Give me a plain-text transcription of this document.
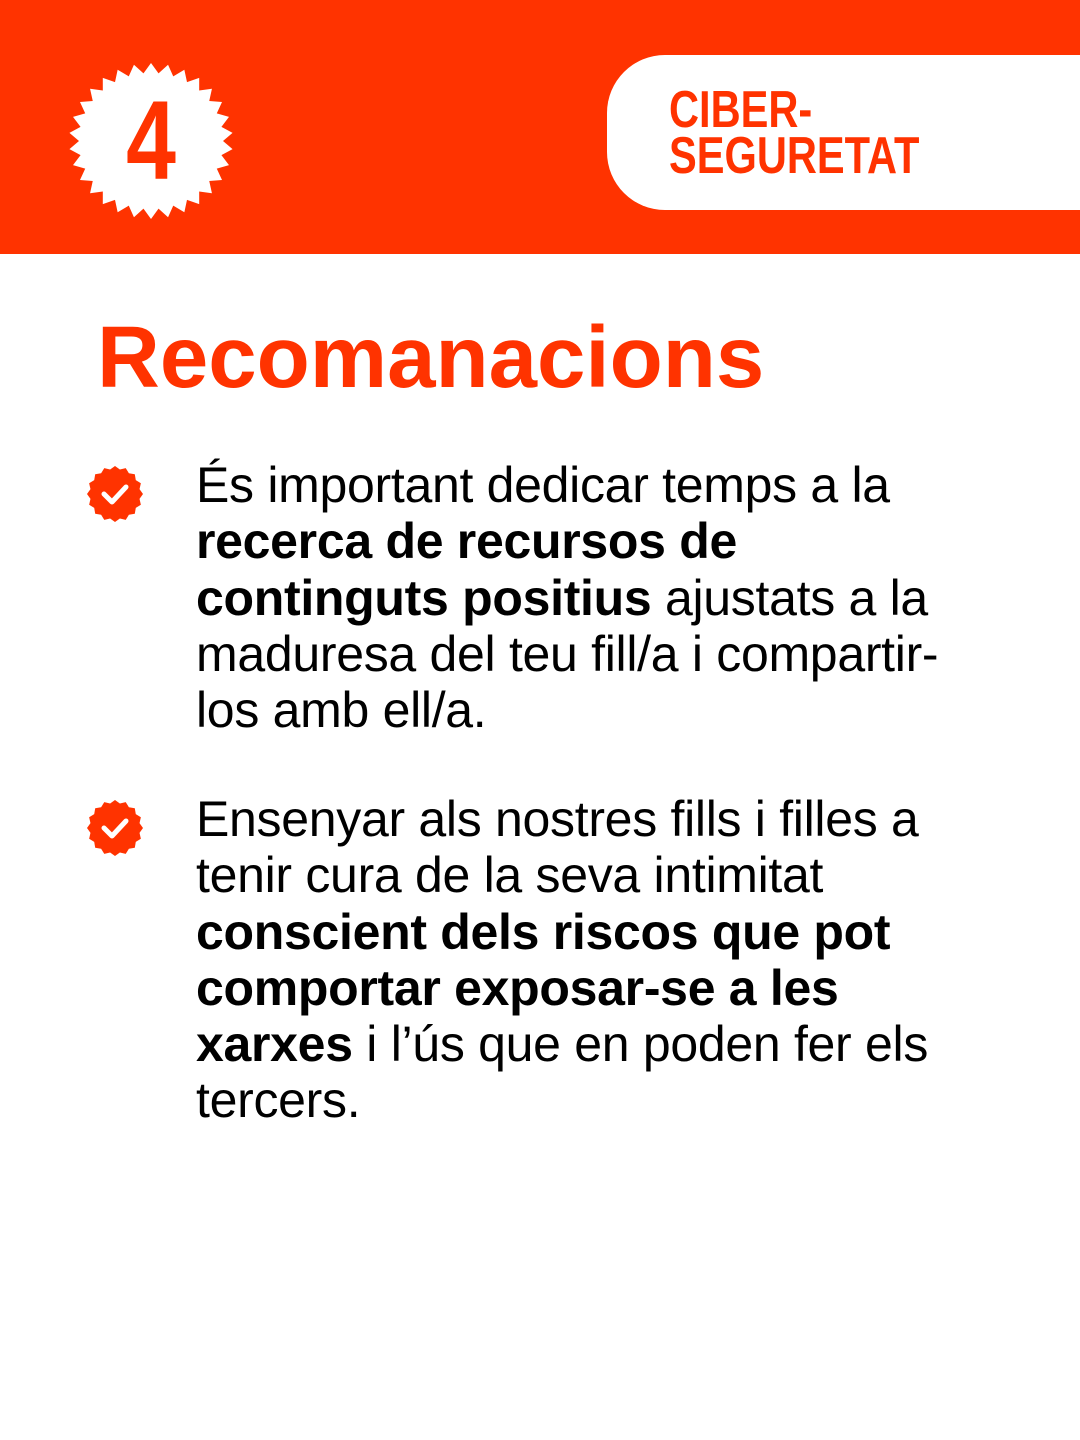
4	CIBER-
SEGURETAT
Recomanacions

És important dedicar temps a la recerca de recursos de continguts positius ajustats a la maduresa del teu fill/a i compartir-los amb ell/a.

Ensenyar als nostres fills i filles a tenir cura de la seva intimitat conscient dels riscos que pot comportar exposar-se a les xarxes i l’ús que en poden fer els tercers.
